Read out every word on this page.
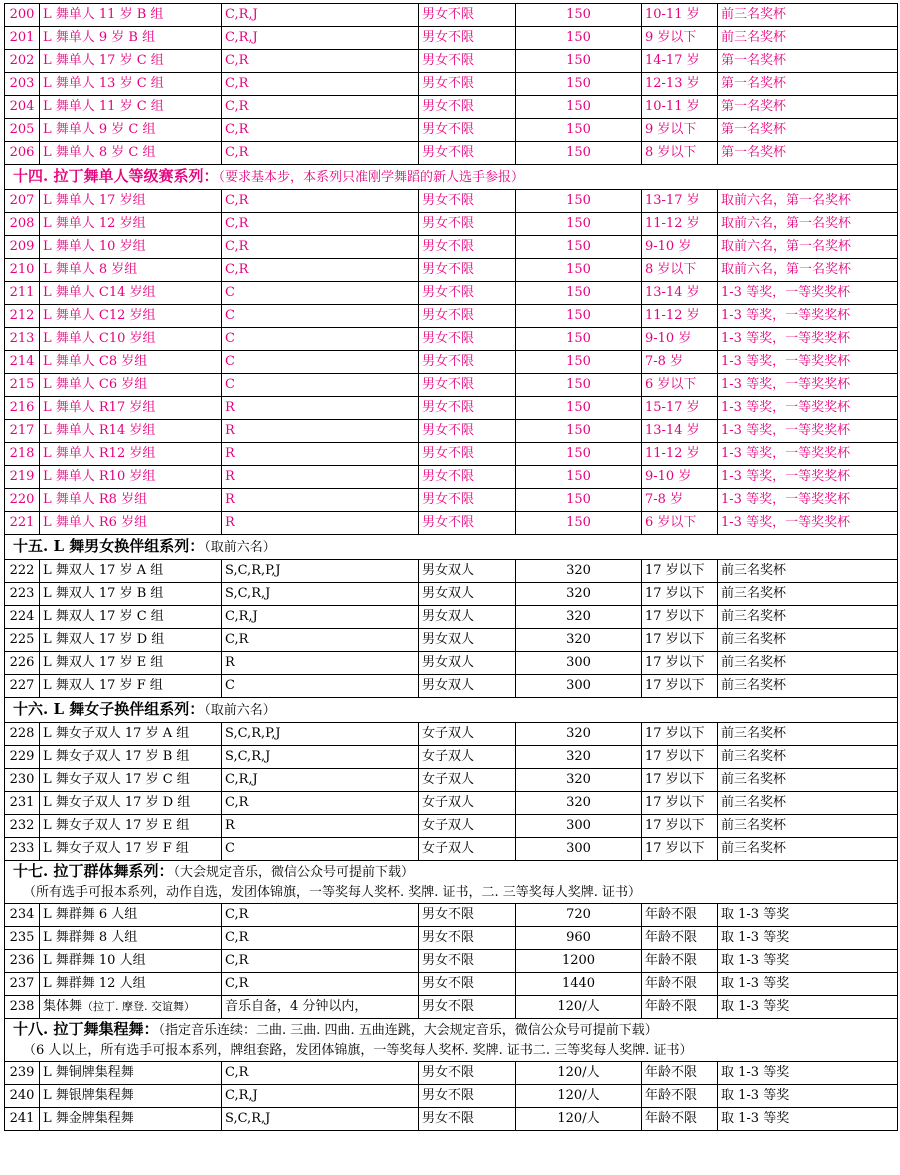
200	L 舞单人 11 岁 B 组	C,R,J	男女不限	150	10-11 岁	前三名奖杯
201	L 舞单人 9 岁 B 组	C,R,J	男女不限	150	9 岁以下	前三名奖杯
202	L 舞单人 17 岁 C 组	C,R	男女不限	150	14-17 岁	第一名奖杯
203	L 舞单人 13 岁 C 组	C,R	男女不限	150	12-13 岁	第一名奖杯
204	L 舞单人 11 岁 C 组	C,R	男女不限	150	10-11 岁	第一名奖杯
205	L 舞单人 9 岁 C 组	C,R	男女不限	150	9 岁以下	第一名奖杯
206	L 舞单人 8 岁 C 组	C,R	男女不限	150	8 岁以下	第一名奖杯
十四. 拉丁舞单人等级赛系列：（要求基本步，本系列只准刚学舞蹈的新人选手参报）						
207	L 舞单人 17 岁组	C,R	男女不限	150	13-17 岁	取前六名，第一名奖杯
208	L 舞单人 12 岁组	C,R	男女不限	150	11-12 岁	取前六名，第一名奖杯
209	L 舞单人 10 岁组	C,R	男女不限	150	9-10 岁	取前六名，第一名奖杯
210	L 舞单人 8 岁组	C,R	男女不限	150	8 岁以下	取前六名，第一名奖杯
211	L 舞单人 C14 岁组	C	男女不限	150	13-14 岁	1-3 等奖，一等奖奖杯
212	L 舞单人 C12 岁组	C	男女不限	150	11-12 岁	1-3 等奖，一等奖奖杯
213	L 舞单人 C10 岁组	C	男女不限	150	9-10 岁	1-3 等奖，一等奖奖杯
214	L 舞单人 C8 岁组	C	男女不限	150	7-8 岁	1-3 等奖，一等奖奖杯
215	L 舞单人 C6 岁组	C	男女不限	150	6 岁以下	1-3 等奖，一等奖奖杯
216	L 舞单人 R17 岁组	R	男女不限	150	15-17 岁	1-3 等奖，一等奖奖杯
217	L 舞单人 R14 岁组	R	男女不限	150	13-14 岁	1-3 等奖，一等奖奖杯
218	L 舞单人 R12 岁组	R	男女不限	150	11-12 岁	1-3 等奖，一等奖奖杯
219	L 舞单人 R10 岁组	R	男女不限	150	9-10 岁	1-3 等奖，一等奖奖杯
220	L 舞单人 R8 岁组	R	男女不限	150	7-8 岁	1-3 等奖，一等奖奖杯
221	L 舞单人 R6 岁组	R	男女不限	150	6 岁以下	1-3 等奖，一等奖奖杯
十五. L 舞男女换伴组系列：（取前六名）						
222	L 舞双人 17 岁 A 组	S,C,R,P,J	男女双人	320	17 岁以下	前三名奖杯
223	L 舞双人 17 岁 B 组	S,C,R,J	男女双人	320	17 岁以下	前三名奖杯
224	L 舞双人 17 岁 C 组	C,R,J	男女双人	320	17 岁以下	前三名奖杯
225	L 舞双人 17 岁 D 组	C,R	男女双人	320	17 岁以下	前三名奖杯
226	L 舞双人 17 岁 E 组	R	男女双人	300	17 岁以下	前三名奖杯
227	L 舞双人 17 岁 F 组	C	男女双人	300	17 岁以下	前三名奖杯
十六. L 舞女子换伴组系列：（取前六名）						
228	L 舞女子双人 17 岁 A 组	S,C,R,P,J	女子双人	320	17 岁以下	前三名奖杯
229	L 舞女子双人 17 岁 B 组	S,C,R,J	女子双人	320	17 岁以下	前三名奖杯
230	L 舞女子双人 17 岁 C 组	C,R,J	女子双人	320	17 岁以下	前三名奖杯
231	L 舞女子双人 17 岁 D 组	C,R	女子双人	320	17 岁以下	前三名奖杯
232	L 舞女子双人 17 岁 E 组	R	女子双人	300	17 岁以下	前三名奖杯
233	L 舞女子双人 17 岁 F 组	C	女子双人	300	17 岁以下	前三名奖杯
十七. 拉丁群体舞系列：（大会规定音乐，微信公众号可提前下载）
（所有选手可报本系列，动作自选，发团体锦旗，一等奖每人奖杯. 奖牌. 证书，二. 三等奖每人奖牌. 证书）						

234	L 舞群舞 6 人组	C,R	男女不限	720	年龄不限	取 1-3 等奖
235	L 舞群舞 8 人组	C,R	男女不限	960	年龄不限	取 1-3 等奖
236	L 舞群舞 10 人组	C,R	男女不限	1200	年龄不限	取 1-3 等奖
237	L 舞群舞 12 人组	C,R	男女不限	1440	年龄不限	取 1-3 等奖
238	集体舞（拉丁. 摩登. 交谊舞）	音乐自备，4 分钟以内，	男女不限	120/人	年龄不限	取 1-3 等奖
十八. 拉丁舞集程舞：（指定音乐连续：二曲. 三曲. 四曲. 五曲连跳，大会规定音乐，微信公众号可提前下载）
（6 人以上，所有选手可报本系列，牌组套路，发团体锦旗，一等奖每人奖杯. 奖牌. 证书二. 三等奖每人奖牌. 证书）						

239	L 舞铜牌集程舞	C,R	男女不限	120/人	年龄不限	取 1-3 等奖
240	L 舞银牌集程舞	C,R,J	男女不限	120/人	年龄不限	取 1-3 等奖
241	L 舞金牌集程舞	S,C,R,J	男女不限	120/人	年龄不限	取 1-3 等奖
